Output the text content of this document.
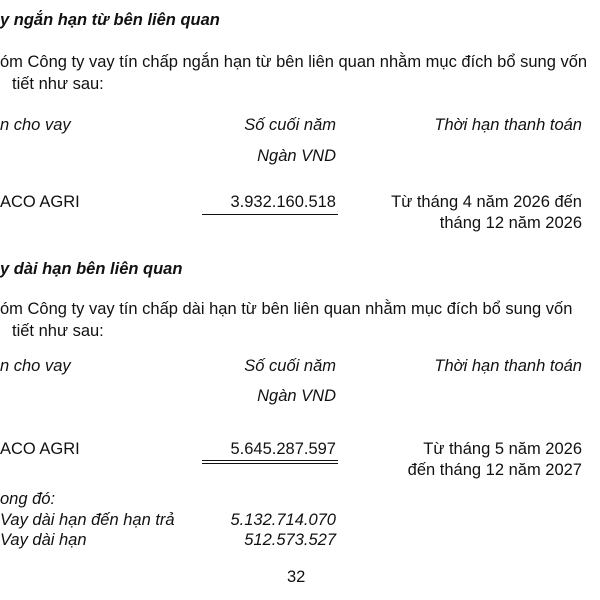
y ngắn hạn từ bên liên quan
óm Công ty vay tín chấp ngắn hạn từ bên liên quan nhằm mục đích bổ sung vốn
tiết như sau:
n cho vay	Số cuối năm	Thời hạn thanh toán
Ngàn VND
ACO AGRI	3.932.160.518	Từ tháng 4 năm 2026 đến
tháng 12 năm 2026
y dài hạn bên liên quan
óm Công ty vay tín chấp dài hạn từ bên liên quan nhằm mục đích bổ sung vốn
tiết như sau:
n cho vay	Số cuối năm	Thời hạn thanh toán
Ngàn VND
ACO AGRI	5.645.287.597	Từ tháng 5 năm 2026
đến tháng 12 năm 2027
ong đó:
Vay dài hạn đến hạn trả	5.132.714.070
Vay dài hạn	512.573.527
32
